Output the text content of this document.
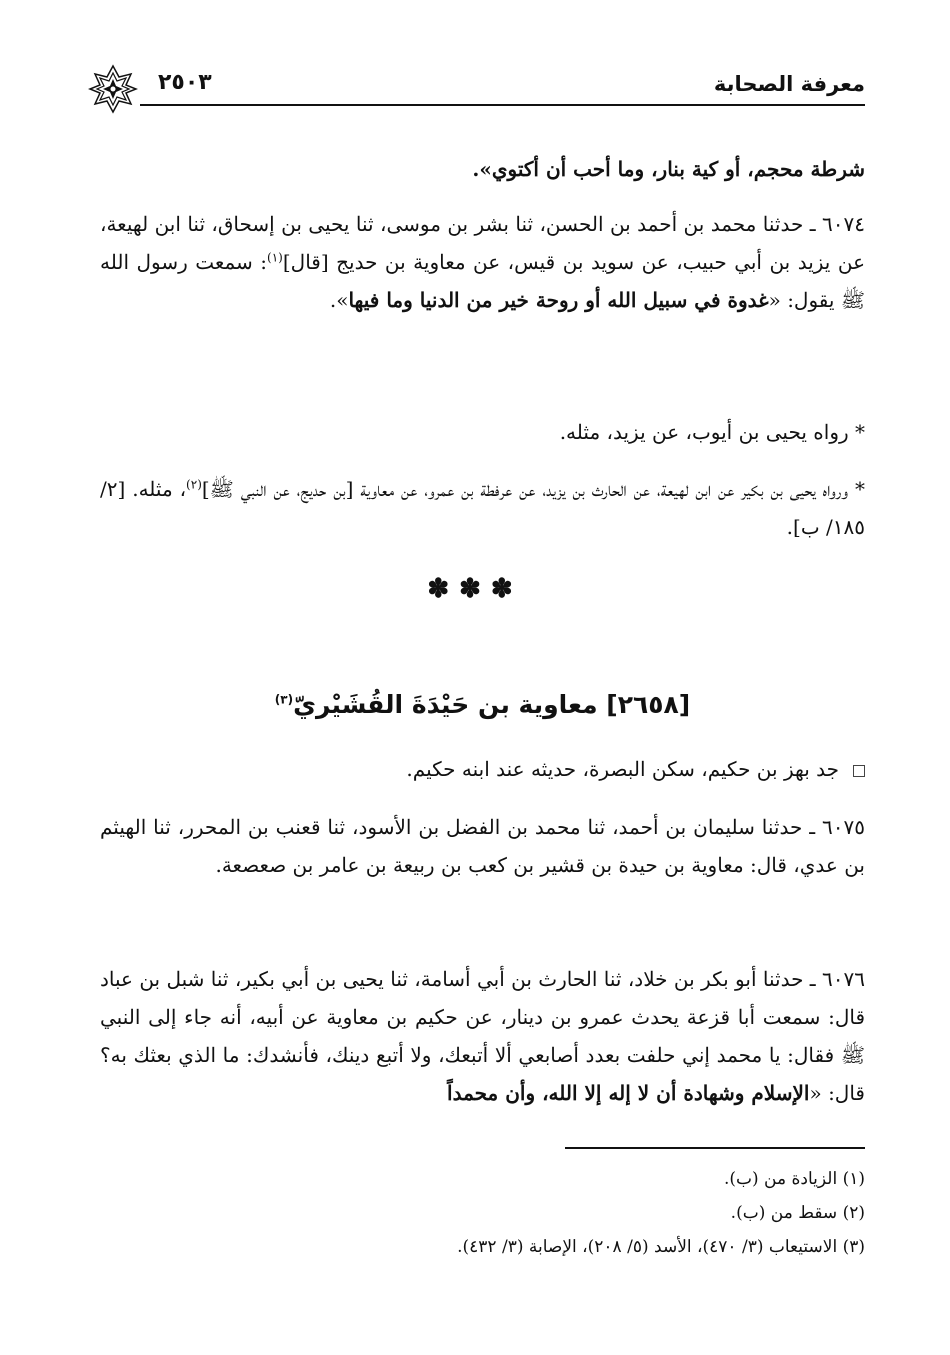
معرفة الصحابة
٢٥٠٣

شرطة محجم، أو كية بنار، وما أحب أن أكتوي».

٦٠٧٤ ـ حدثنا محمد بن أحمد بن الحسن، ثنا بشر بن موسى، ثنا يحيى بن إسحاق، ثنا ابن لهيعة، عن يزيد بن أبي حبيب، عن سويد بن قيس، عن معاوية بن حديج [قال]$^{(١)}$: سمعت رسول الله ﷺ يقول: «غدوة في سبيل الله أو روحة خير من الدنيا وما فيها».

* رواه يحيى بن أيوب، عن يزيد، مثله.

* ورواه يحيى بن بكير عن ابن لهيعة، عن الحارث بن يزيد، عن عرفطة بن عمرو، عن معاوية [بن حديج، عن النبي ﷺ]$^{(٢)}$، مثله. [٢/ ١٨٥/ ب].

✽✽✽
[٢٦٥٨] معاوية بن حَيْدَةَ القُشَيْريّ$^{(٣)}$

جد بهز بن حكيم، سكن البصرة، حديثه عند ابنه حكيم.

٦٠٧٥ ـ حدثنا سليمان بن أحمد، ثنا محمد بن الفضل بن الأسود، ثنا قعنب بن المحرر، ثنا الهيثم بن عدي، قال: معاوية بن حيدة بن قشير بن كعب بن ربيعة بن عامر بن صعصعة.

٦٠٧٦ ـ حدثنا أبو بكر بن خلاد، ثنا الحارث بن أبي أسامة، ثنا يحيى بن أبي بكير، ثنا شبل بن عباد قال: سمعت أبا قزعة يحدث عمرو بن دينار، عن حكيم بن معاوية عن أبيه، أنه جاء إلى النبي ﷺ فقال: يا محمد إني حلفت بعدد أصابعي ألا أتبعك، ولا أتبع دينك، فأنشدك: ما الذي بعثك به؟ قال: «الإسلام وشهادة أن لا إله إلا الله، وأن محمداً

(١) الزيادة من (ب).
(٢) سقط من (ب).
(٣) الاستيعاب (٣/ ٤٧٠)، الأسد (٥/ ٢٠٨)، الإصابة (٣/ ٤٣٢).
